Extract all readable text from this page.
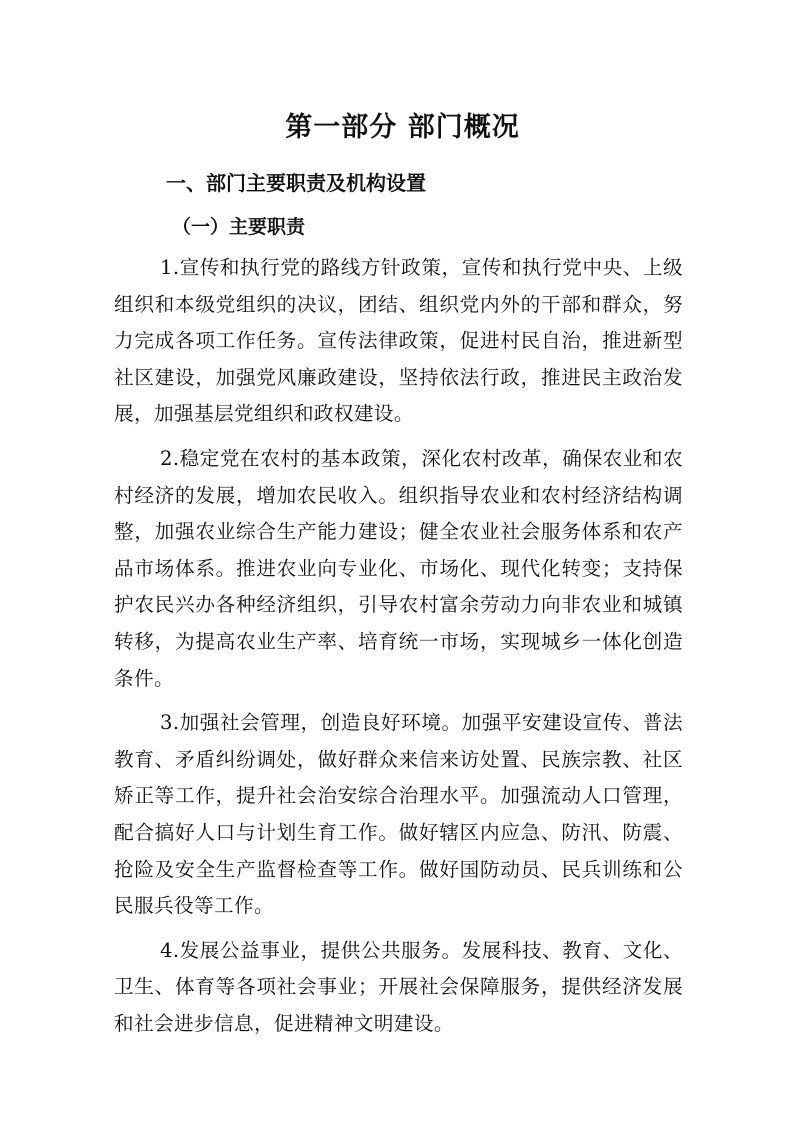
第一部分 部门概况
一、部门主要职责及机构设置
（一）主要职责

1.宣传和执行党的路线方针政策，宣传和执行党中央、上级组织和本级党组织的决议，团结、组织党内外的干部和群众，努力完成各项工作任务。宣传法律政策，促进村民自治，推进新型社区建设，加强党风廉政建设，坚持依法行政，推进民主政治发展，加强基层党组织和政权建设。

2.稳定党在农村的基本政策，深化农村改革，确保农业和农村经济的发展，增加农民收入。组织指导农业和农村经济结构调整，加强农业综合生产能力建设；健全农业社会服务体系和农产品市场体系。推进农业向专业化、市场化、现代化转变；支持保护农民兴办各种经济组织，引导农村富余劳动力向非农业和城镇转移，为提高农业生产率、培育统一市场，实现城乡一体化创造条件。

3.加强社会管理，创造良好环境。加强平安建设宣传、普法教育、矛盾纠纷调处，做好群众来信来访处置、民族宗教、社区矫正等工作，提升社会治安综合治理水平。加强流动人口管理，配合搞好人口与计划生育工作。做好辖区内应急、防汛、防震、抢险及安全生产监督检查等工作。做好国防动员、民兵训练和公民服兵役等工作。

4.发展公益事业，提供公共服务。发展科技、教育、文化、卫生、体育等各项社会事业；开展社会保障服务，提供经济发展和社会进步信息，促进精神文明建设。
